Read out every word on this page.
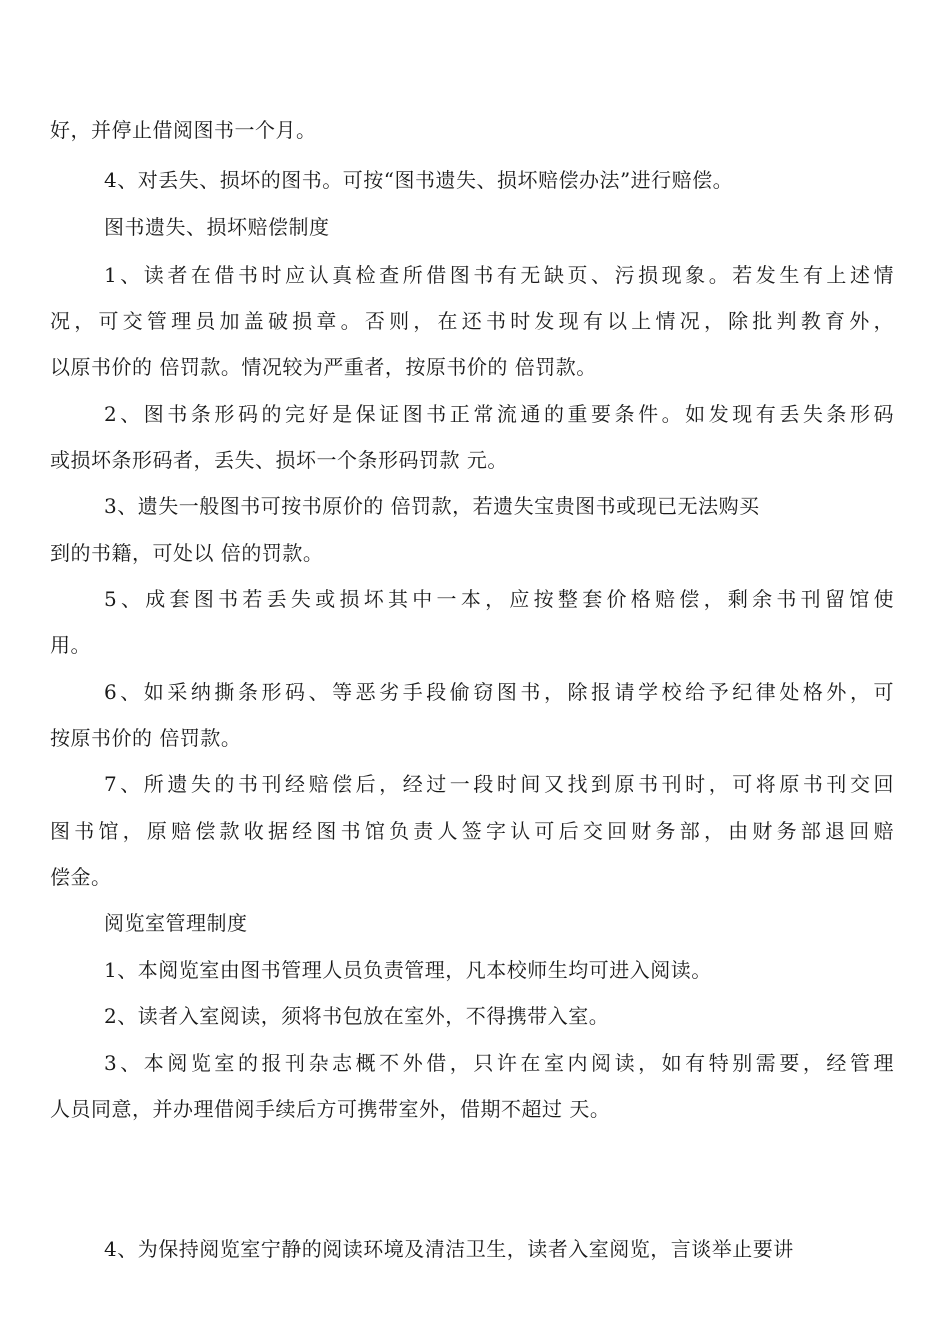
好，并停止借阅图书一个月。
4、对丢失、损坏的图书。可按“图书遗失、损坏赔偿办法”进行赔偿。
图书遗失、损坏赔偿制度
1、读者在借书时应认真检查所借图书有无缺页、污损现象。若发生有上述情
况，可交管理员加盖破损章。否则，在还书时发现有以上情况，除批判教育外，
以原书价的 倍罚款。情况较为严重者，按原书价的 倍罚款。
2、图书条形码的完好是保证图书正常流通的重要条件。如发现有丢失条形码
或损坏条形码者，丢失、损坏一个条形码罚款 元。
3、遗失一般图书可按书原价的 倍罚款，若遗失宝贵图书或现已无法购买
到的书籍，可处以 倍的罚款。
5、成套图书若丢失或损坏其中一本，应按整套价格赔偿，剩余书刊留馆使
用。
6、如采纳撕条形码、等恶劣手段偷窃图书，除报请学校给予纪律处格外，可
按原书价的 倍罚款。
7、所遗失的书刊经赔偿后，经过一段时间又找到原书刊时，可将原书刊交回
图书馆，原赔偿款收据经图书馆负责人签字认可后交回财务部，由财务部退回赔
偿金。
阅览室管理制度
1、本阅览室由图书管理人员负责管理，凡本校师生均可进入阅读。
2、读者入室阅读，须将书包放在室外，不得携带入室。
3、本阅览室的报刊杂志概不外借，只许在室内阅读，如有特别需要，经管理
人员同意，并办理借阅手续后方可携带室外，借期不超过 天。
4、为保持阅览室宁静的阅读环境及清洁卫生，读者入室阅览，言谈举止要讲
